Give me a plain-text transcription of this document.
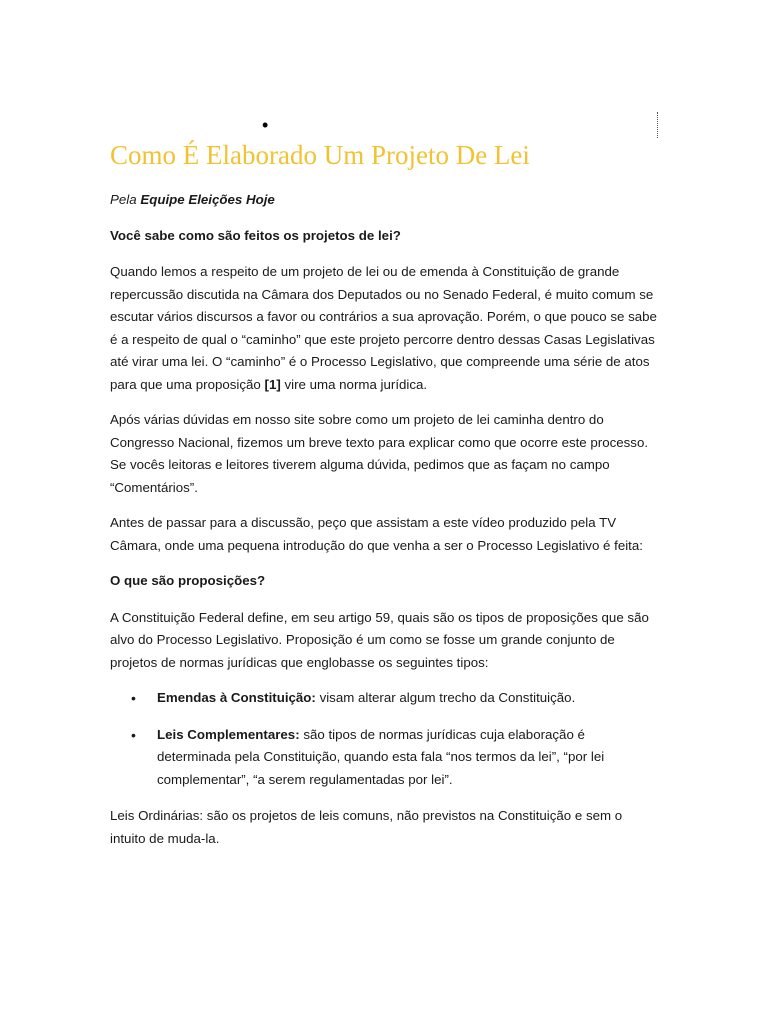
•
Como É Elaborado Um Projeto De Lei

Pela Equipe Eleições Hoje

Você sabe como são feitos os projetos de lei?

Quando lemos a respeito de um projeto de lei ou de emenda à Constituição de grande repercussão discutida na Câmara dos Deputados ou no Senado Federal, é muito comum se escutar vários discursos a favor ou contrários a sua aprovação. Porém, o que pouco se sabe é a respeito de qual o “caminho” que este projeto percorre dentro dessas Casas Legislativas até virar uma lei. O “caminho” é o Processo Legislativo, que compreende uma série de atos para que uma proposição [1] vire uma norma jurídica.

Após várias dúvidas em nosso site sobre como um projeto de lei caminha dentro do Congresso Nacional, fizemos um breve texto para explicar como que ocorre este processo. Se vocês leitoras e leitores tiverem alguma dúvida, pedimos que as façam no campo “Comentários”.

Antes de passar para a discussão, peço que assistam a este vídeo produzido pela TV Câmara, onde uma pequena introdução do que venha a ser o Processo Legislativo é feita:

O que são proposições?

A Constituição Federal define, em seu artigo 59, quais são os tipos de proposições que são alvo do Processo Legislativo. Proposição é um como se fosse um grande conjunto de projetos de normas jurídicas que englobasse os seguintes tipos:

• Emendas à Constituição: visam alterar algum trecho da Constituição.
• Leis Complementares: são tipos de normas jurídicas cuja elaboração é determinada pela Constituição, quando esta fala “nos termos da lei”, “por lei complementar”, “a serem regulamentadas por lei”.

Leis Ordinárias: são os projetos de leis comuns, não previstos na Constituição e sem o intuito de muda-la.
